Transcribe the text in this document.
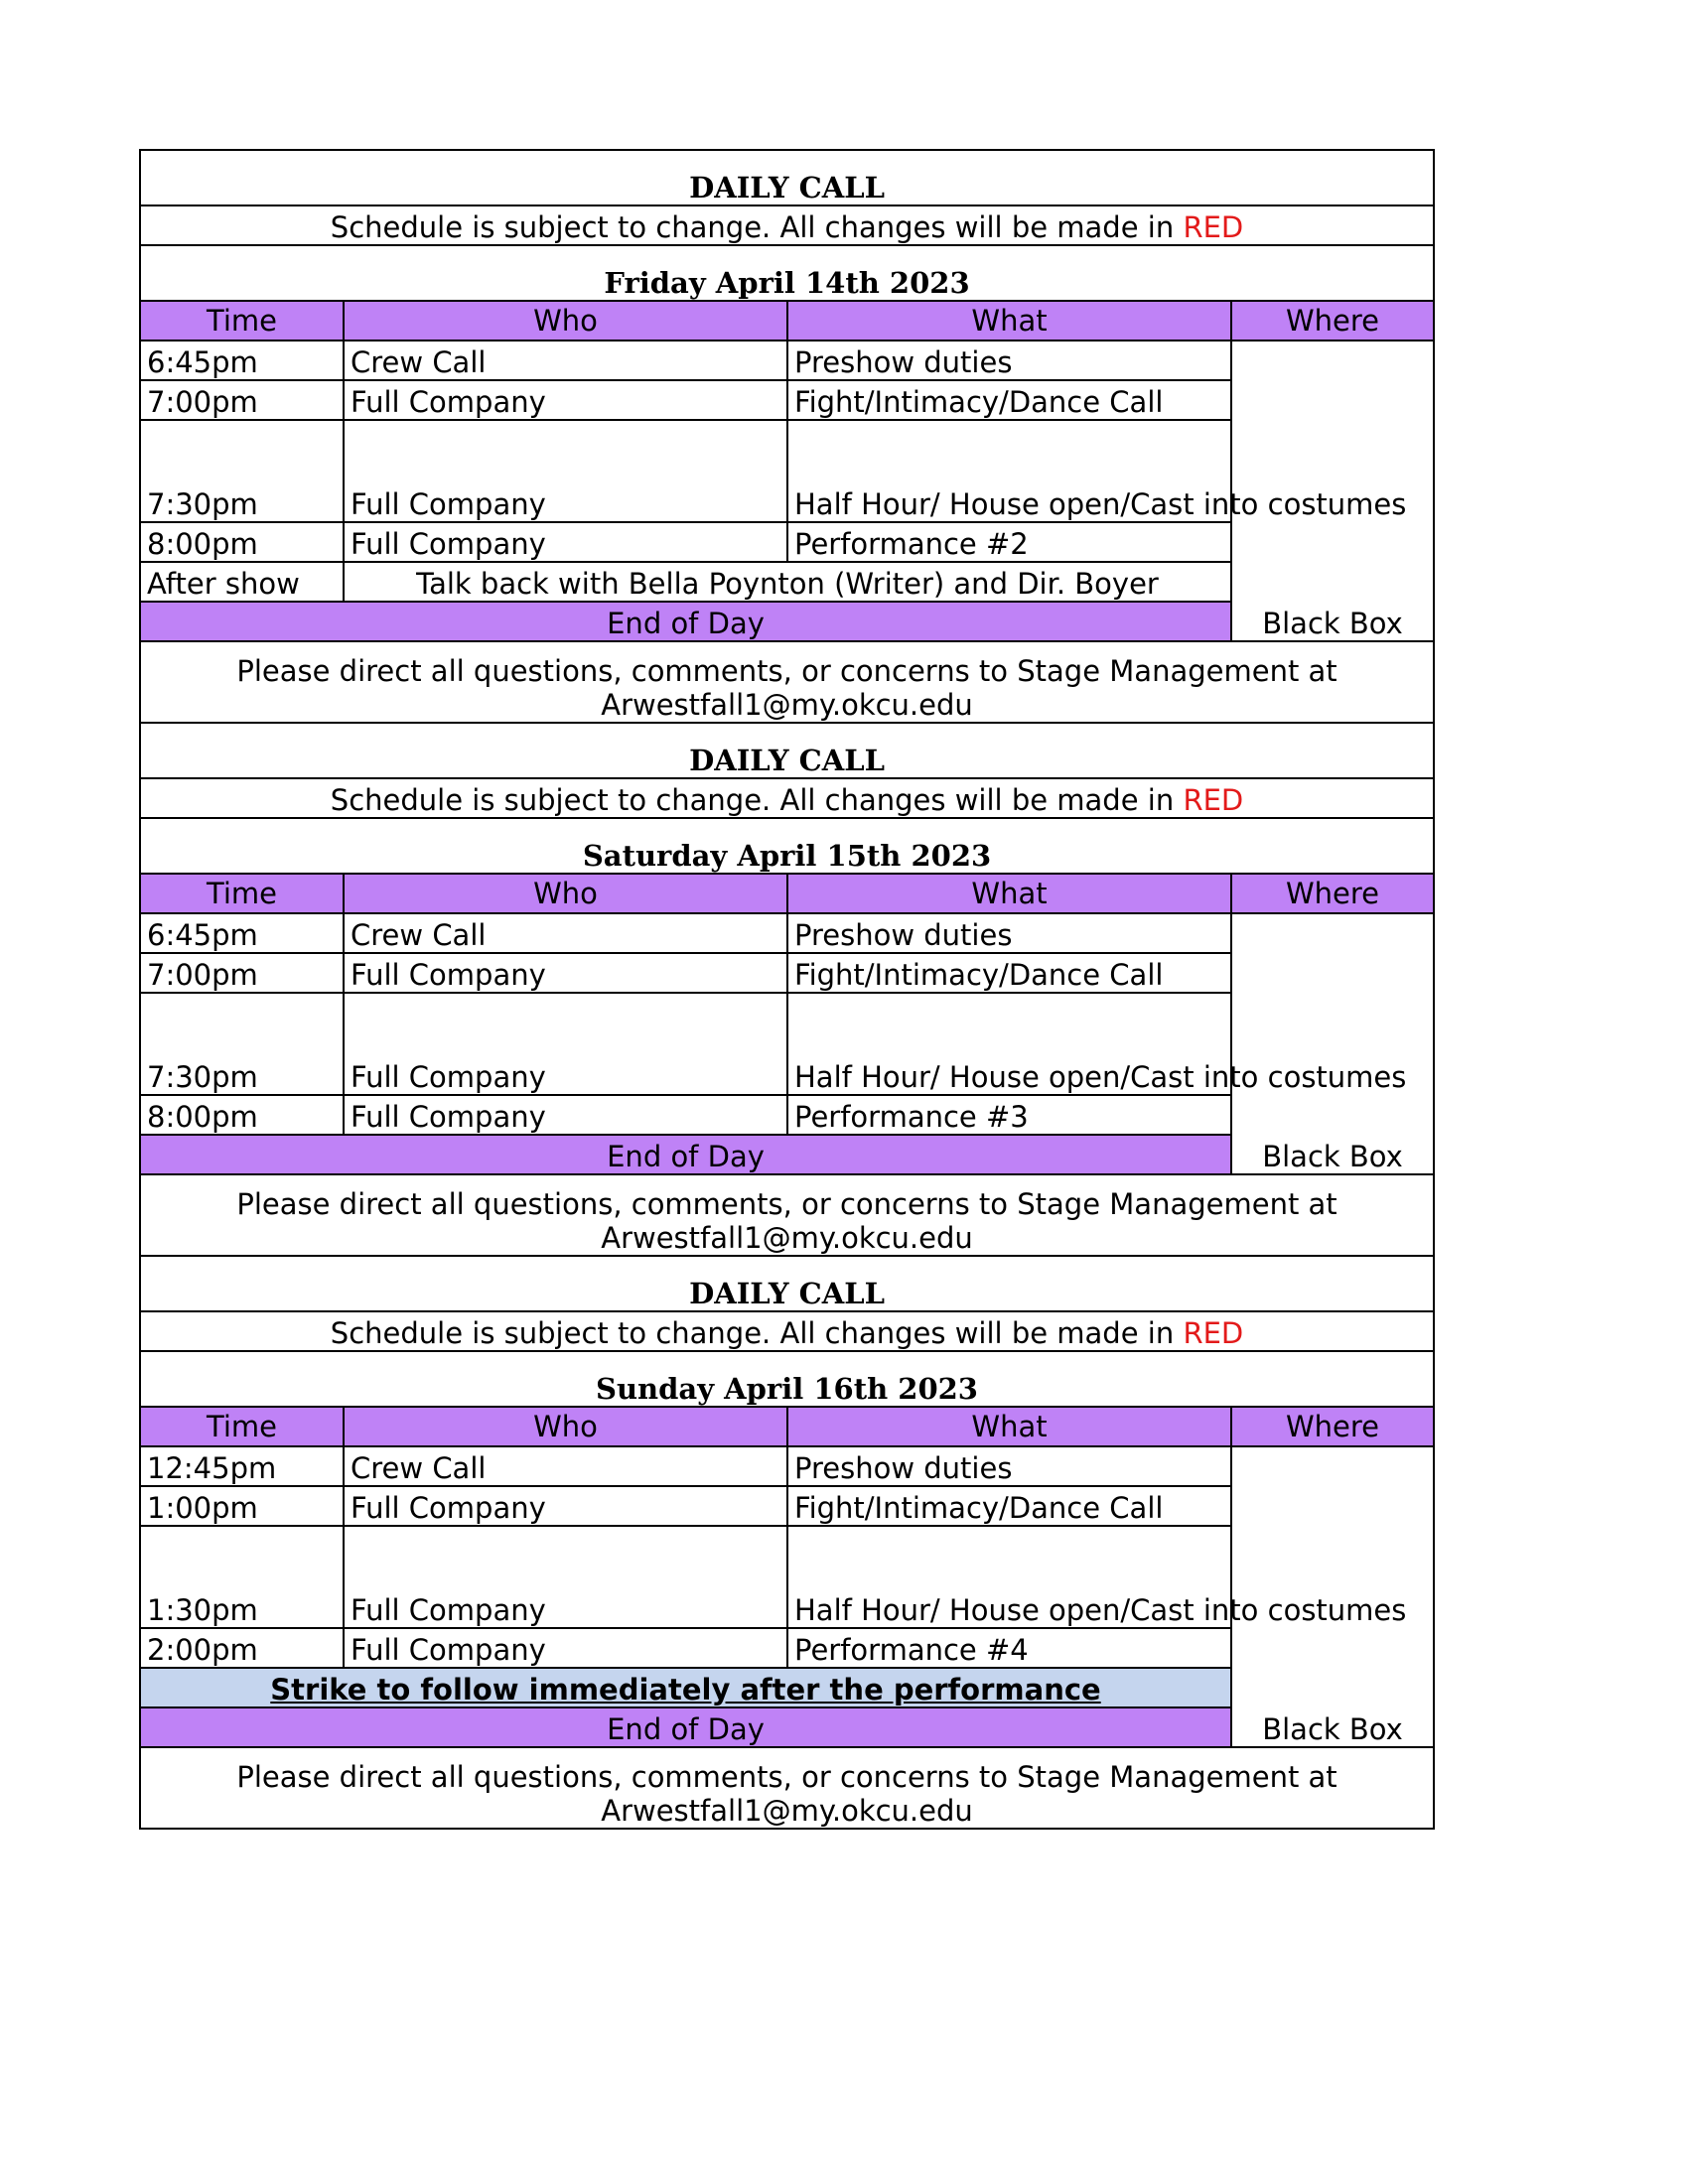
DAILY CALL			
Schedule is subject to change. All changes will be made in RED			
Friday April 14th 2023			
Time	Who	What	Where
6:45pm	Crew Call	Preshow duties	Black Box
7:00pm	Full Company	Fight/Intimacy/Dance Call	
7:30pm	Full Company	Half Hour/ House open/Cast into costumes	
8:00pm	Full Company	Performance #2	
After show	Talk back with Bella Poynton (Writer) and Dir. Boyer		
End of Day			
Please direct all questions, comments, or concerns to Stage Management at
Arwestfall1@my.okcu.edu			
DAILY CALL			
Schedule is subject to change. All changes will be made in RED			
Saturday April 15th 2023			
Time	Who	What	Where
6:45pm	Crew Call	Preshow duties	Black Box
7:00pm	Full Company	Fight/Intimacy/Dance Call	
7:30pm	Full Company	Half Hour/ House open/Cast into costumes	
8:00pm	Full Company	Performance #3	
End of Day			
Please direct all questions, comments, or concerns to Stage Management at
Arwestfall1@my.okcu.edu			
DAILY CALL			
Schedule is subject to change. All changes will be made in RED			
Sunday April 16th 2023			
Time	Who	What	Where
12:45pm	Crew Call	Preshow duties	Black Box
1:00pm	Full Company	Fight/Intimacy/Dance Call	
1:30pm	Full Company	Half Hour/ House open/Cast into costumes	
2:00pm	Full Company	Performance #4	
Strike to follow immediately after the performance			
End of Day			
Please direct all questions, comments, or concerns to Stage Management at
Arwestfall1@my.okcu.edu			
